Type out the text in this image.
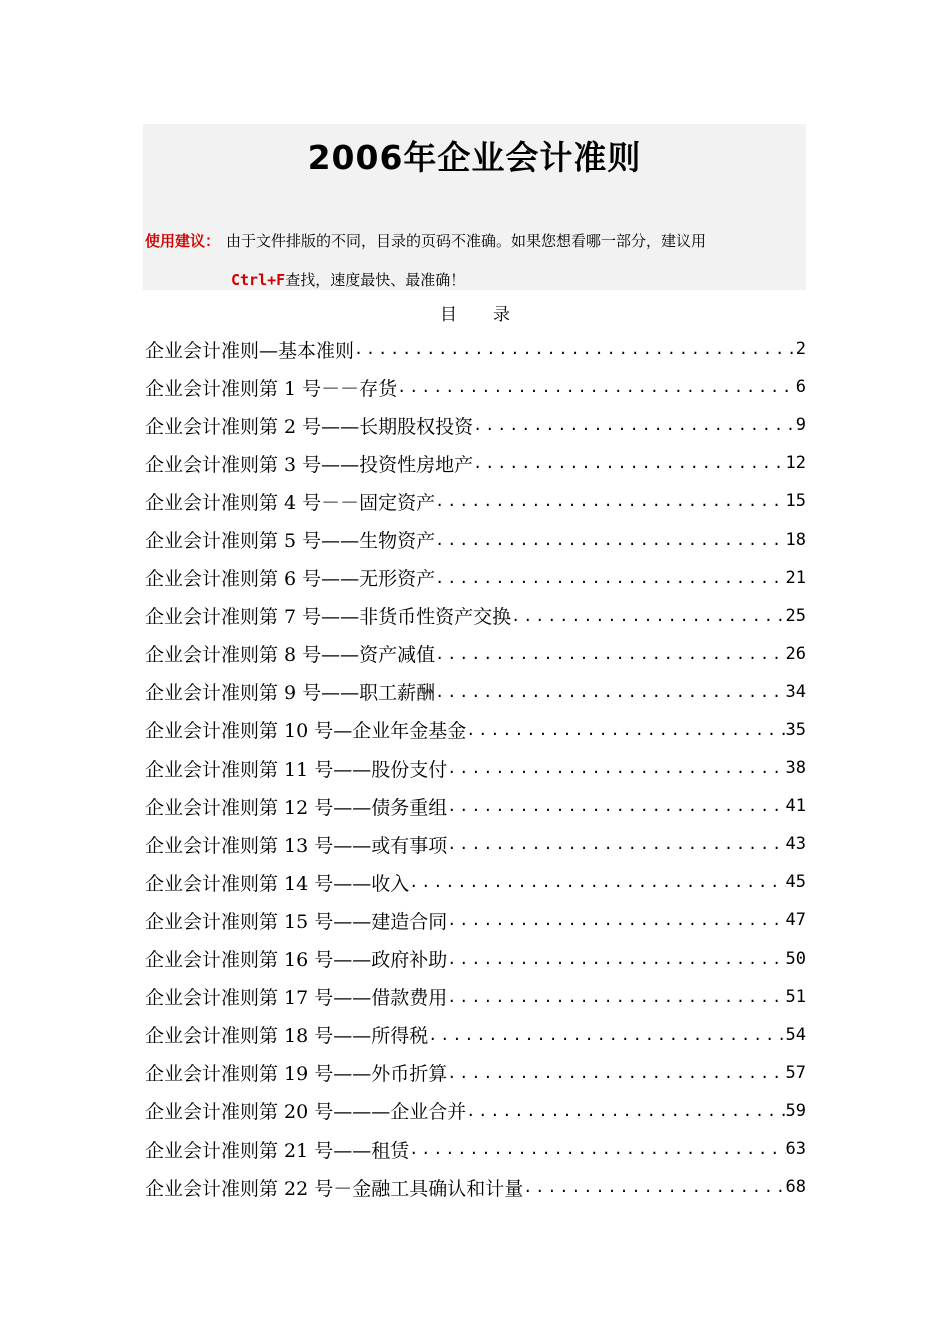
2006年企业会计准则
使用建议： 由于文件排版的不同，目录的页码不准确。如果您想看哪一部分，建议用
Ctrl+F查找，速度最快、最准确！
目录
企业会计准则—基本准则 .....	2
企业会计准则第 1 号－－存货 .....	6
企业会计准则第 2 号——长期股权投资 .....	9
企业会计准则第 3 号——投资性房地产 .....	12
企业会计准则第 4 号－－固定资产 .....	15
企业会计准则第 5 号——生物资产 .....	18
企业会计准则第 6 号——无形资产 .....	21
企业会计准则第 7 号——非货币性资产交换 .....	25
企业会计准则第 8 号——资产减值 .....	26
企业会计准则第 9 号——职工薪酬 .....	34
企业会计准则第 10 号—企业年金基金 .....	35
企业会计准则第 11 号——股份支付 .....	38
企业会计准则第 12 号——债务重组 .....	41
企业会计准则第 13 号——或有事项 .....	43
企业会计准则第 14 号——收入 .....	45
企业会计准则第 15 号——建造合同 .....	47
企业会计准则第 16 号——政府补助 .....	50
企业会计准则第 17 号——借款费用 .....	51
企业会计准则第 18 号——所得税 .....	54
企业会计准则第 19 号——外币折算 .....	57
企业会计准则第 20 号———企业合并 .....	59
企业会计准则第 21 号——租赁 .....	63
企业会计准则第 22 号－金融工具确认和计量 .....	68
